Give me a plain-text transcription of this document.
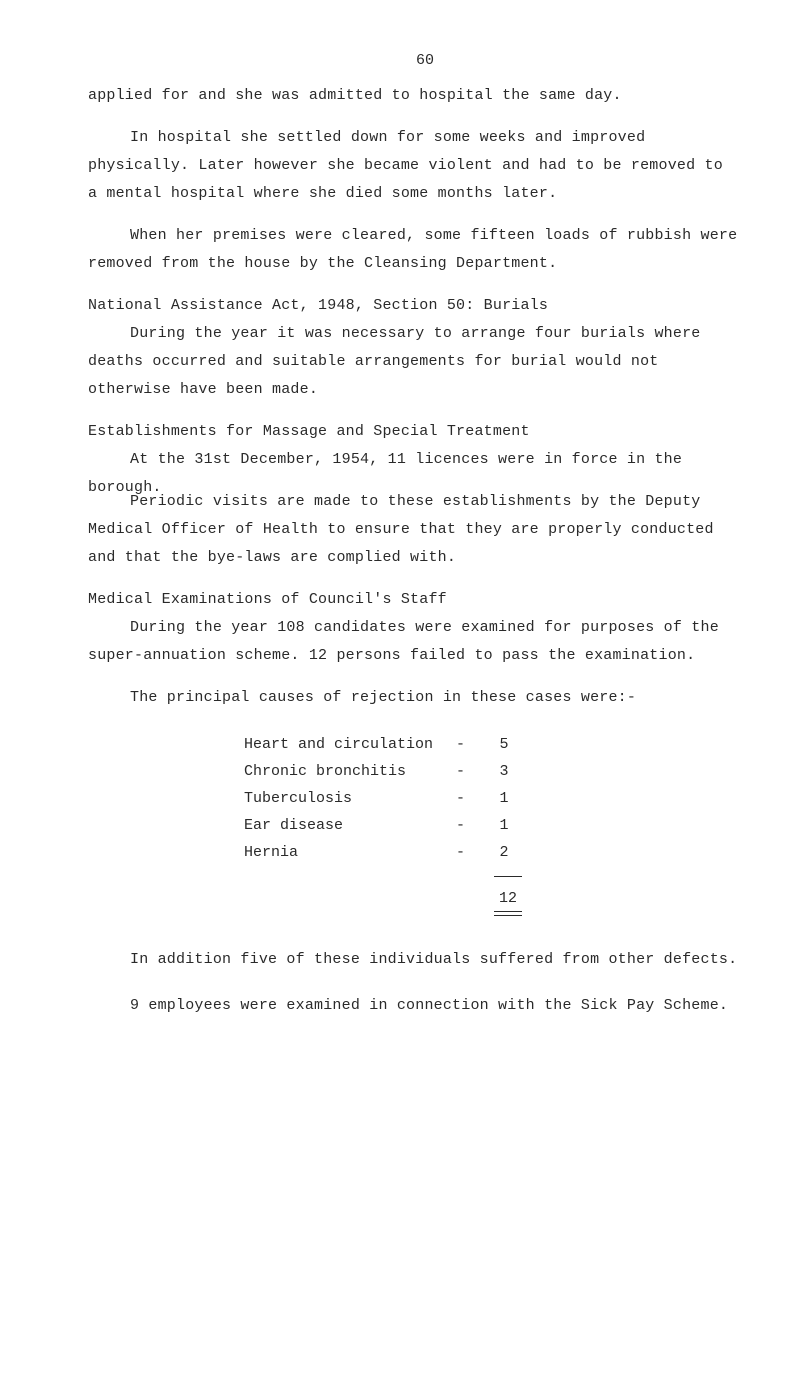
60

applied for and she was admitted to hospital the same day.

In hospital she settled down for some weeks and improved physically. Later however she became violent and had to be removed to a mental hospital where she died some months later.

When her premises were cleared, some fifteen loads of rubbish were removed from the house by the Cleansing Department.

National Assistance Act, 1948, Section 50: Burials

During the year it was necessary to arrange four burials where deaths occurred and suitable arrangements for burial would not otherwise have been made.

Establishments for Massage and Special Treatment

At the 31st December, 1954, 11 licences were in force in the borough.

Periodic visits are made to these establishments by the Deputy Medical Officer of Health to ensure that they are properly conducted and that the bye-laws are complied with.

Medical Examinations of Council's Staff

During the year 108 candidates were examined for purposes of the super-annuation scheme. 12 persons failed to pass the examination.

The principal causes of rejection in these cases were:-

Heart and circulation -	5
Chronic bronchitis	-	3
Tuberculosis	-	1
Ear disease	-	1
Hernia	-	2
12

In addition five of these individuals suffered from other defects.

9 employees were examined in connection with the Sick Pay Scheme.
